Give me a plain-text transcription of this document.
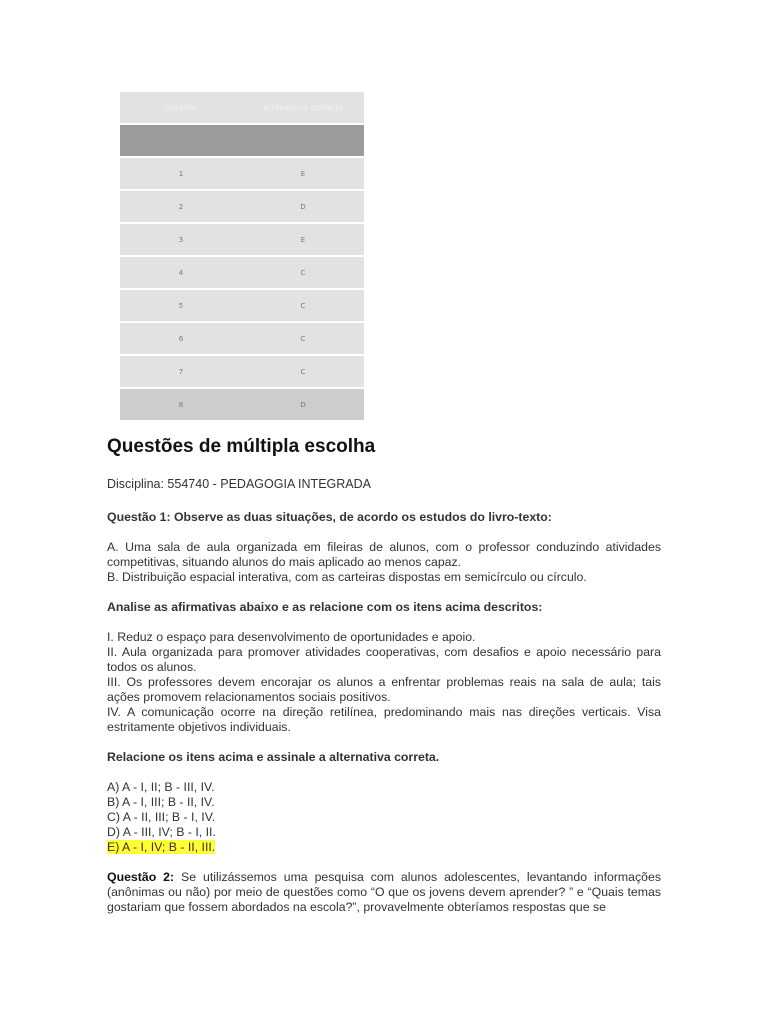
QUESTÃO	ALTERNATIVA CORRETA
1	E
2	D
3	E
4	C
5	C
6	C
7	C
8	D
Questões de múltipla escolha
Disciplina: 554740 - PEDAGOGIA INTEGRADA

Questão 1: Observe as duas situações, de acordo os estudos do livro-texto:

A. Uma sala de aula organizada em fileiras de alunos, com o professor conduzindo atividades competitivas, situando alunos do mais aplicado ao menos capaz.

B. Distribuição espacial interativa, com as carteiras dispostas em semicírculo ou círculo.

Analise as afirmativas abaixo e as relacione com os itens acima descritos:

I. Reduz o espaço para desenvolvimento de oportunidades e apoio.

II. Aula organizada para promover atividades cooperativas, com desafios e apoio necessário para todos os alunos.

III. Os professores devem encorajar os alunos a enfrentar problemas reais na sala de aula; tais ações promovem relacionamentos sociais positivos.

IV. A comunicação ocorre na direção retilínea, predominando mais nas direções verticais. Visa estritamente objetivos individuais.

Relacione os itens acima e assinale a alternativa correta.

A) A - I, II; B - III, IV.

B) A - I, III; B - II, IV.

C) A - II, III; B - I, IV.

D) A - III, IV; B - I, II.

E) A - I, IV; B - II, III.

Questão 2: Se utilizássemos uma pesquisa com alunos adolescentes, levantando informações (anônimas ou não) por meio de questões como “O que os jovens devem aprender? ” e “Quais temas gostariam que fossem abordados na escola?”, provavelmente obteríamos respostas que se
